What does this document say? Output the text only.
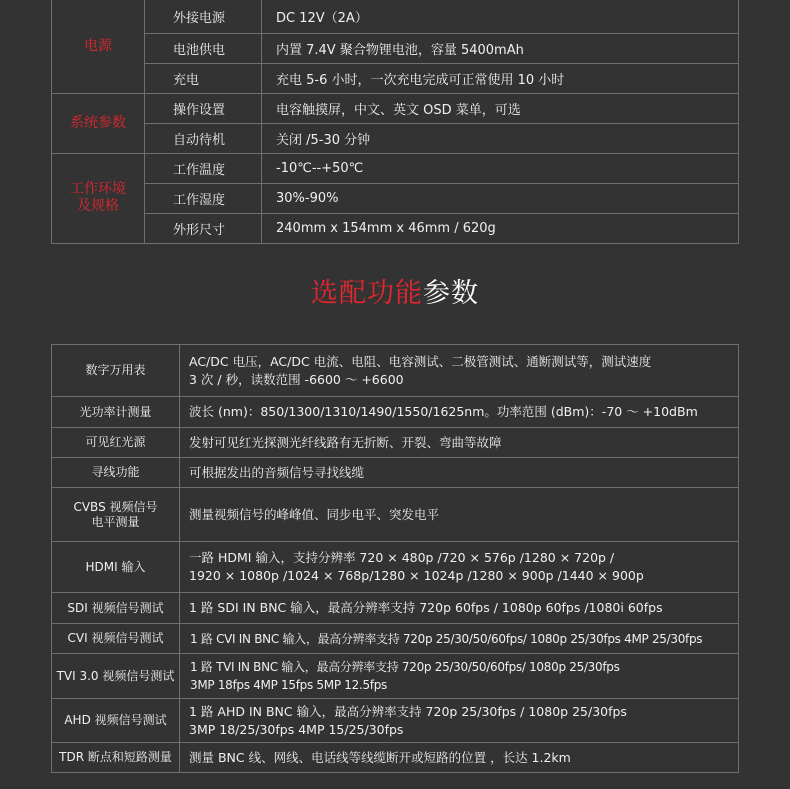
电源	外接电源	DC 12V（2A）
	电池供电	内置 7.4V 聚合物锂电池，容量 5400mAh
	充电	充电 5-6 小时，一次充电完成可正常使用 10 小时
系统参数	操作设置	电容触摸屏，中文、英文 OSD 菜单，可选
	自动待机	关闭 /5-30 分钟

工作环境
及规格	工作温度	-10℃--+50℃
	工作湿度	30%-90%
	外形尺寸	240mm x 154mm x 46mm / 620g
选配功能参数
数字万用表	AC/DC 电压，AC/DC 电流、电阻、电容测试、二极管测试、通断测试等，测试速度
3 次 / 秒，读数范围 -6600 ～ +6600

光功率计测量	波长 (nm)：850/1300/1310/1490/1550/1625nm。功率范围 (dBm)：-70 ～ +10dBm
可见红光源	发射可见红光探测光纤线路有无折断、开裂、弯曲等故障
寻线功能	可根据发出的音频信号寻找线缆

CVBS 视频信号
电平测量	测量视频信号的峰峰值、同步电平、突发电平
HDMI 输入	一路 HDMI 输入，支持分辨率 720 × 480p /720 × 576p /1280 × 720p /
1920 × 1080p /1024 × 768p/1280 × 1024p /1280 × 900p /1440 × 900p

SDI 视频信号测试	1 路 SDI IN BNC 输入，最高分辨率支持 720p 60fps / 1080p 60fps /1080i 60fps
CVI 视频信号测试	1 路 CVI IN BNC 输入，最高分辨率支持 720p 25/30/50/60fps/ 1080p 25/30fps 4MP 25/30fps
TVI 3.0 视频信号测试	1 路 TVI IN BNC 输入，最高分辨率支持 720p 25/30/50/60fps/ 1080p 25/30fps
3MP 18fps 4MP 15fps 5MP 12.5fps

AHD 视频信号测试	1 路 AHD IN BNC 输入，最高分辨率支持 720p 25/30fps / 1080p 25/30fps
3MP 18/25/30fps 4MP 15/25/30fps

TDR 断点和短路测量	测量 BNC 线、网线、电话线等线缆断开或短路的位置 ，长达 1.2km
